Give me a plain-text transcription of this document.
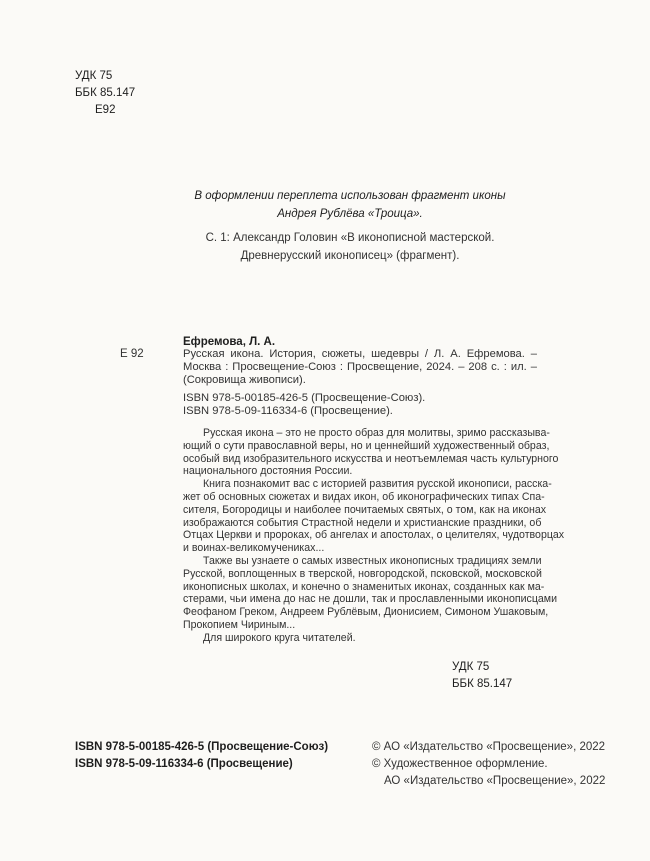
УДК 75
ББК 85.147
Е92
В оформлении переплета использован фрагмент иконы
Андрея Рублёва «Троица».
С. 1: Александр Головин «В иконописной мастерской.
Древнерусский иконописец» (фрагмент).
Ефремова, Л. А.
Е 92	Русская икона. История, сюжеты, шедевры / Л. А. Ефремова. –
Москва : Просвещение-Союз : Просвещение, 2024. – 208 с. : ил. –
(Сокровища живописи).
ISBN 978-5-00185-426-5 (Просвещение-Союз).
ISBN 978-5-09-116334-6 (Просвещение).
Русская икона – это не просто образ для молитвы, зримо рассказыва-
ющий о сути православной веры, но и ценнейший художественный образ,
особый вид изобразительного искусства и неотъемлемая часть культурного
национального достояния России.
Книга познакомит вас с историей развития русской иконописи, расска-
жет об основных сюжетах и видах икон, об иконографических типах Спа-
сителя, Богородицы и наиболее почитаемых святых, о том, как на иконах
изображаются события Страстной недели и христианские праздники, об
Отцах Церкви и пророках, об ангелах и апостолах, о целителях, чудотворцах
и воинах-великомучениках...
Также вы узнаете о самых известных иконописных традициях земли
Русской, воплощенных в тверской, новгородской, псковской, московской
иконописных школах, и конечно о знаменитых иконах, созданных как ма-
стерами, чьи имена до нас не дошли, так и прославленными иконописцами
Феофаном Греком, Андреем Рублёвым, Дионисием, Симоном Ушаковым,
Прокопием Чириным...
Для широкого круга читателей.
УДК 75
ББК 85.147
ISBN 978-5-00185-426-5 (Просвещение-Союз)
ISBN 978-5-09-116334-6 (Просвещение)
© АО «Издательство «Просвещение», 2022
© Художественное оформление.
АО «Издательство «Просвещение», 2022
